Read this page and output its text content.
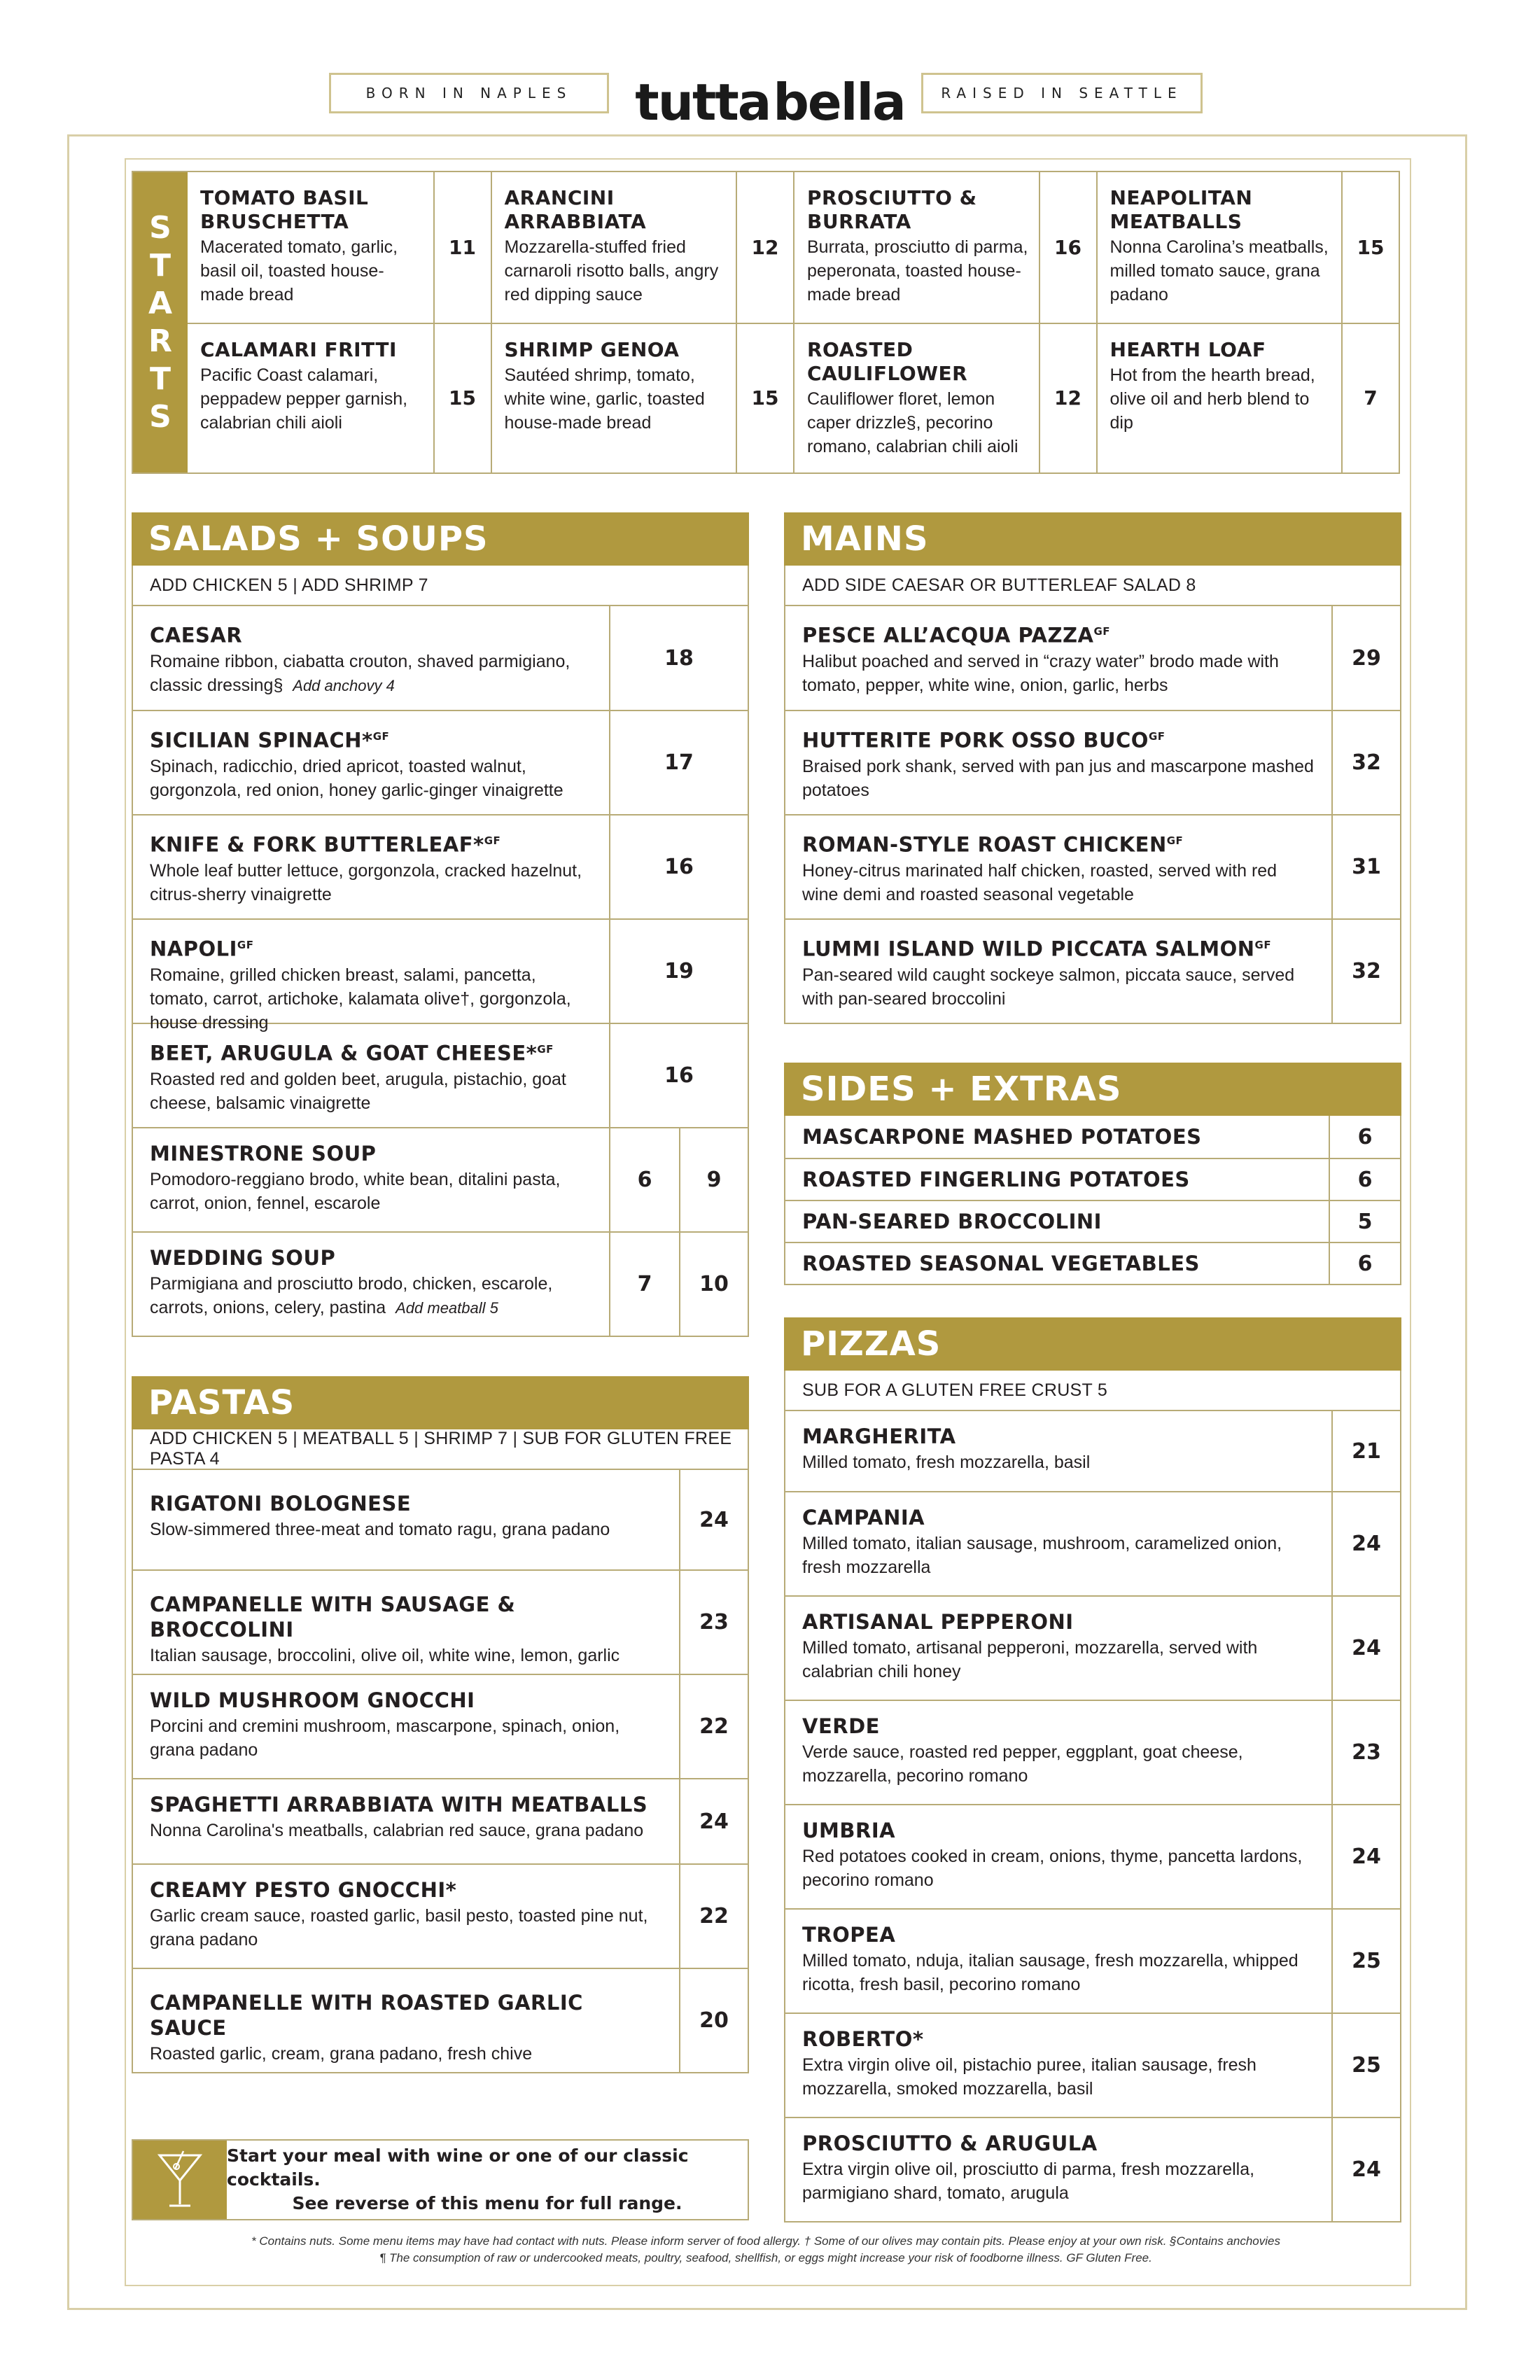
BORN IN NAPLES	RAISED IN SEATTLE
tutta bella
S
T
A
R
T
S
TOMATO BASIL BRUSCHETTA
Macerated tomato, garlic, basil oil, toasted house-made bread
11
ARANCINI ARRABBIATA
Mozzarella-stuffed fried carnaroli risotto balls, angry red dipping sauce
12
PROSCIUTTO & BURRATA
Burrata, prosciutto di parma, peperonata, toasted house-made bread
16
NEAPOLITAN MEATBALLS
Nonna Carolina’s meatballs, milled tomato sauce, grana padano
15
CALAMARI FRITTI
Pacific Coast calamari, peppadew pepper garnish, calabrian chili aioli
15
SHRIMP GENOA
Sautéed shrimp, tomato, white wine, garlic, toasted house-made bread
15
ROASTED CAULIFLOWER
Cauliflower floret, lemon caper drizzle§, pecorino romano, calabrian chili aioli
12
HEARTH LOAF
Hot from the hearth bread, olive oil and herb blend to dip
7
SALADS + SOUPS
ADD CHICKEN 5 | ADD SHRIMP 7
CAESAR
Romaine ribbon, ciabatta crouton, shaved parmigiano, classic dressing§ Add anchovy 4
18
SICILIAN SPINACH*$^{GF}$
Spinach, radicchio, dried apricot, toasted walnut, gorgonzola, red onion, honey garlic-ginger vinaigrette
17
KNIFE & FORK BUTTERLEAF*$^{GF}$
Whole leaf butter lettuce, gorgonzola, cracked hazelnut, citrus-sherry vinaigrette
16
$NAPOLI^{GF}$
Romaine, grilled chicken breast, salami, pancetta, tomato, carrot, artichoke, kalamata olive†, gorgonzola, house dressing
19
BEET, ARUGULA & GOAT CHEESE*$^{GF}$
Roasted red and golden beet, arugula, pistachio, goat cheese, balsamic vinaigrette
16
MINESTRONE SOUP
Pomodoro-reggiano brodo, white bean, ditalini pasta, carrot, onion, fennel, escarole
6	9
WEDDING SOUP
Parmigiana and prosciutto brodo, chicken, escarole, carrots, onions, celery, pastina Add meatball 5
7	10
PASTAS
ADD CHICKEN 5 | MEATBALL 5 | SHRIMP 7 | SUB FOR GLUTEN FREE PASTA 4
RIGATONI BOLOGNESE
Slow-simmered three-meat and tomato ragu, grana padano	24
CAMPANELLE WITH SAUSAGE & BROCCOLINI
Italian sausage, broccolini, olive oil, white wine, lemon, garlic
23
WILD MUSHROOM GNOCCHI
Porcini and cremini mushroom, mascarpone, spinach, onion, grana padano
22
SPAGHETTI ARRABBIATA WITH MEATBALLS
Nonna Carolina's meatballs, calabrian red sauce, grana padano	24
CREAMY PESTO GNOCCHI*
Garlic cream sauce, roasted garlic, basil pesto, toasted pine nut, grana padano
22
CAMPANELLE WITH ROASTED GARLIC SAUCE
Roasted garlic, cream, grana padano, fresh chive
20
MAINS
ADD SIDE CAESAR OR BUTTERLEAF SALAD 8
PESCE ALL’ACQUA $PAZZA^{GF}$
Halibut poached and served in “crazy water” brodo made with tomato, pepper, white wine, onion, garlic, herbs
29
HUTTERITE PORK OSSO $BUCO^{GF}$
Braised pork shank, served with pan jus and mascarpone mashed potatoes
32
ROMAN-STYLE ROAST $CHICKEN^{GF}$
Honey-citrus marinated half chicken, roasted, served with red wine demi and roasted seasonal vegetable
31
LUMMI ISLAND WILD PICCATA $SALMON^{GF}$
Pan-seared wild caught sockeye salmon, piccata sauce, served with pan-seared broccolini
32
SIDES + EXTRAS
MASCARPONE MASHED POTATOES	6
ROASTED FINGERLING POTATOES	6
PAN-SEARED BROCCOLINI	5
ROASTED SEASONAL VEGETABLES	6
PIZZAS
SUB FOR A GLUTEN FREE CRUST 5
MARGHERITA
Milled tomato, fresh mozzarella, basil	21
CAMPANIA
Milled tomato, italian sausage, mushroom, caramelized onion, fresh mozzarella
24
ARTISANAL PEPPERONI
Milled tomato, artisanal pepperoni, mozzarella, served with calabrian chili honey
24
VERDE
Verde sauce, roasted red pepper, eggplant, goat cheese, mozzarella, pecorino romano
23
UMBRIA
Red potatoes cooked in cream, onions, thyme, pancetta lardons, pecorino romano
24
TROPEA
Milled tomato, nduja, italian sausage, fresh mozzarella, whipped ricotta, fresh basil, pecorino romano
25
ROBERTO*
Extra virgin olive oil, pistachio puree, italian sausage, fresh mozzarella, smoked mozzarella, basil
25
PROSCIUTTO & ARUGULA
Extra virgin olive oil, prosciutto di parma, fresh mozzarella, parmigiano shard, tomato, arugula
24
Start your meal with wine or one of our classic cocktails.
See reverse of this menu for full range.
* Contains nuts. Some menu items may have had contact with nuts. Please inform server of food allergy. † Some of our olives may contain pits. Please enjoy at your own risk. §Contains anchovies
¶ The consumption of raw or undercooked meats, poultry, seafood, shellfish, or eggs might increase your risk of foodborne illness. GF Gluten Free.
